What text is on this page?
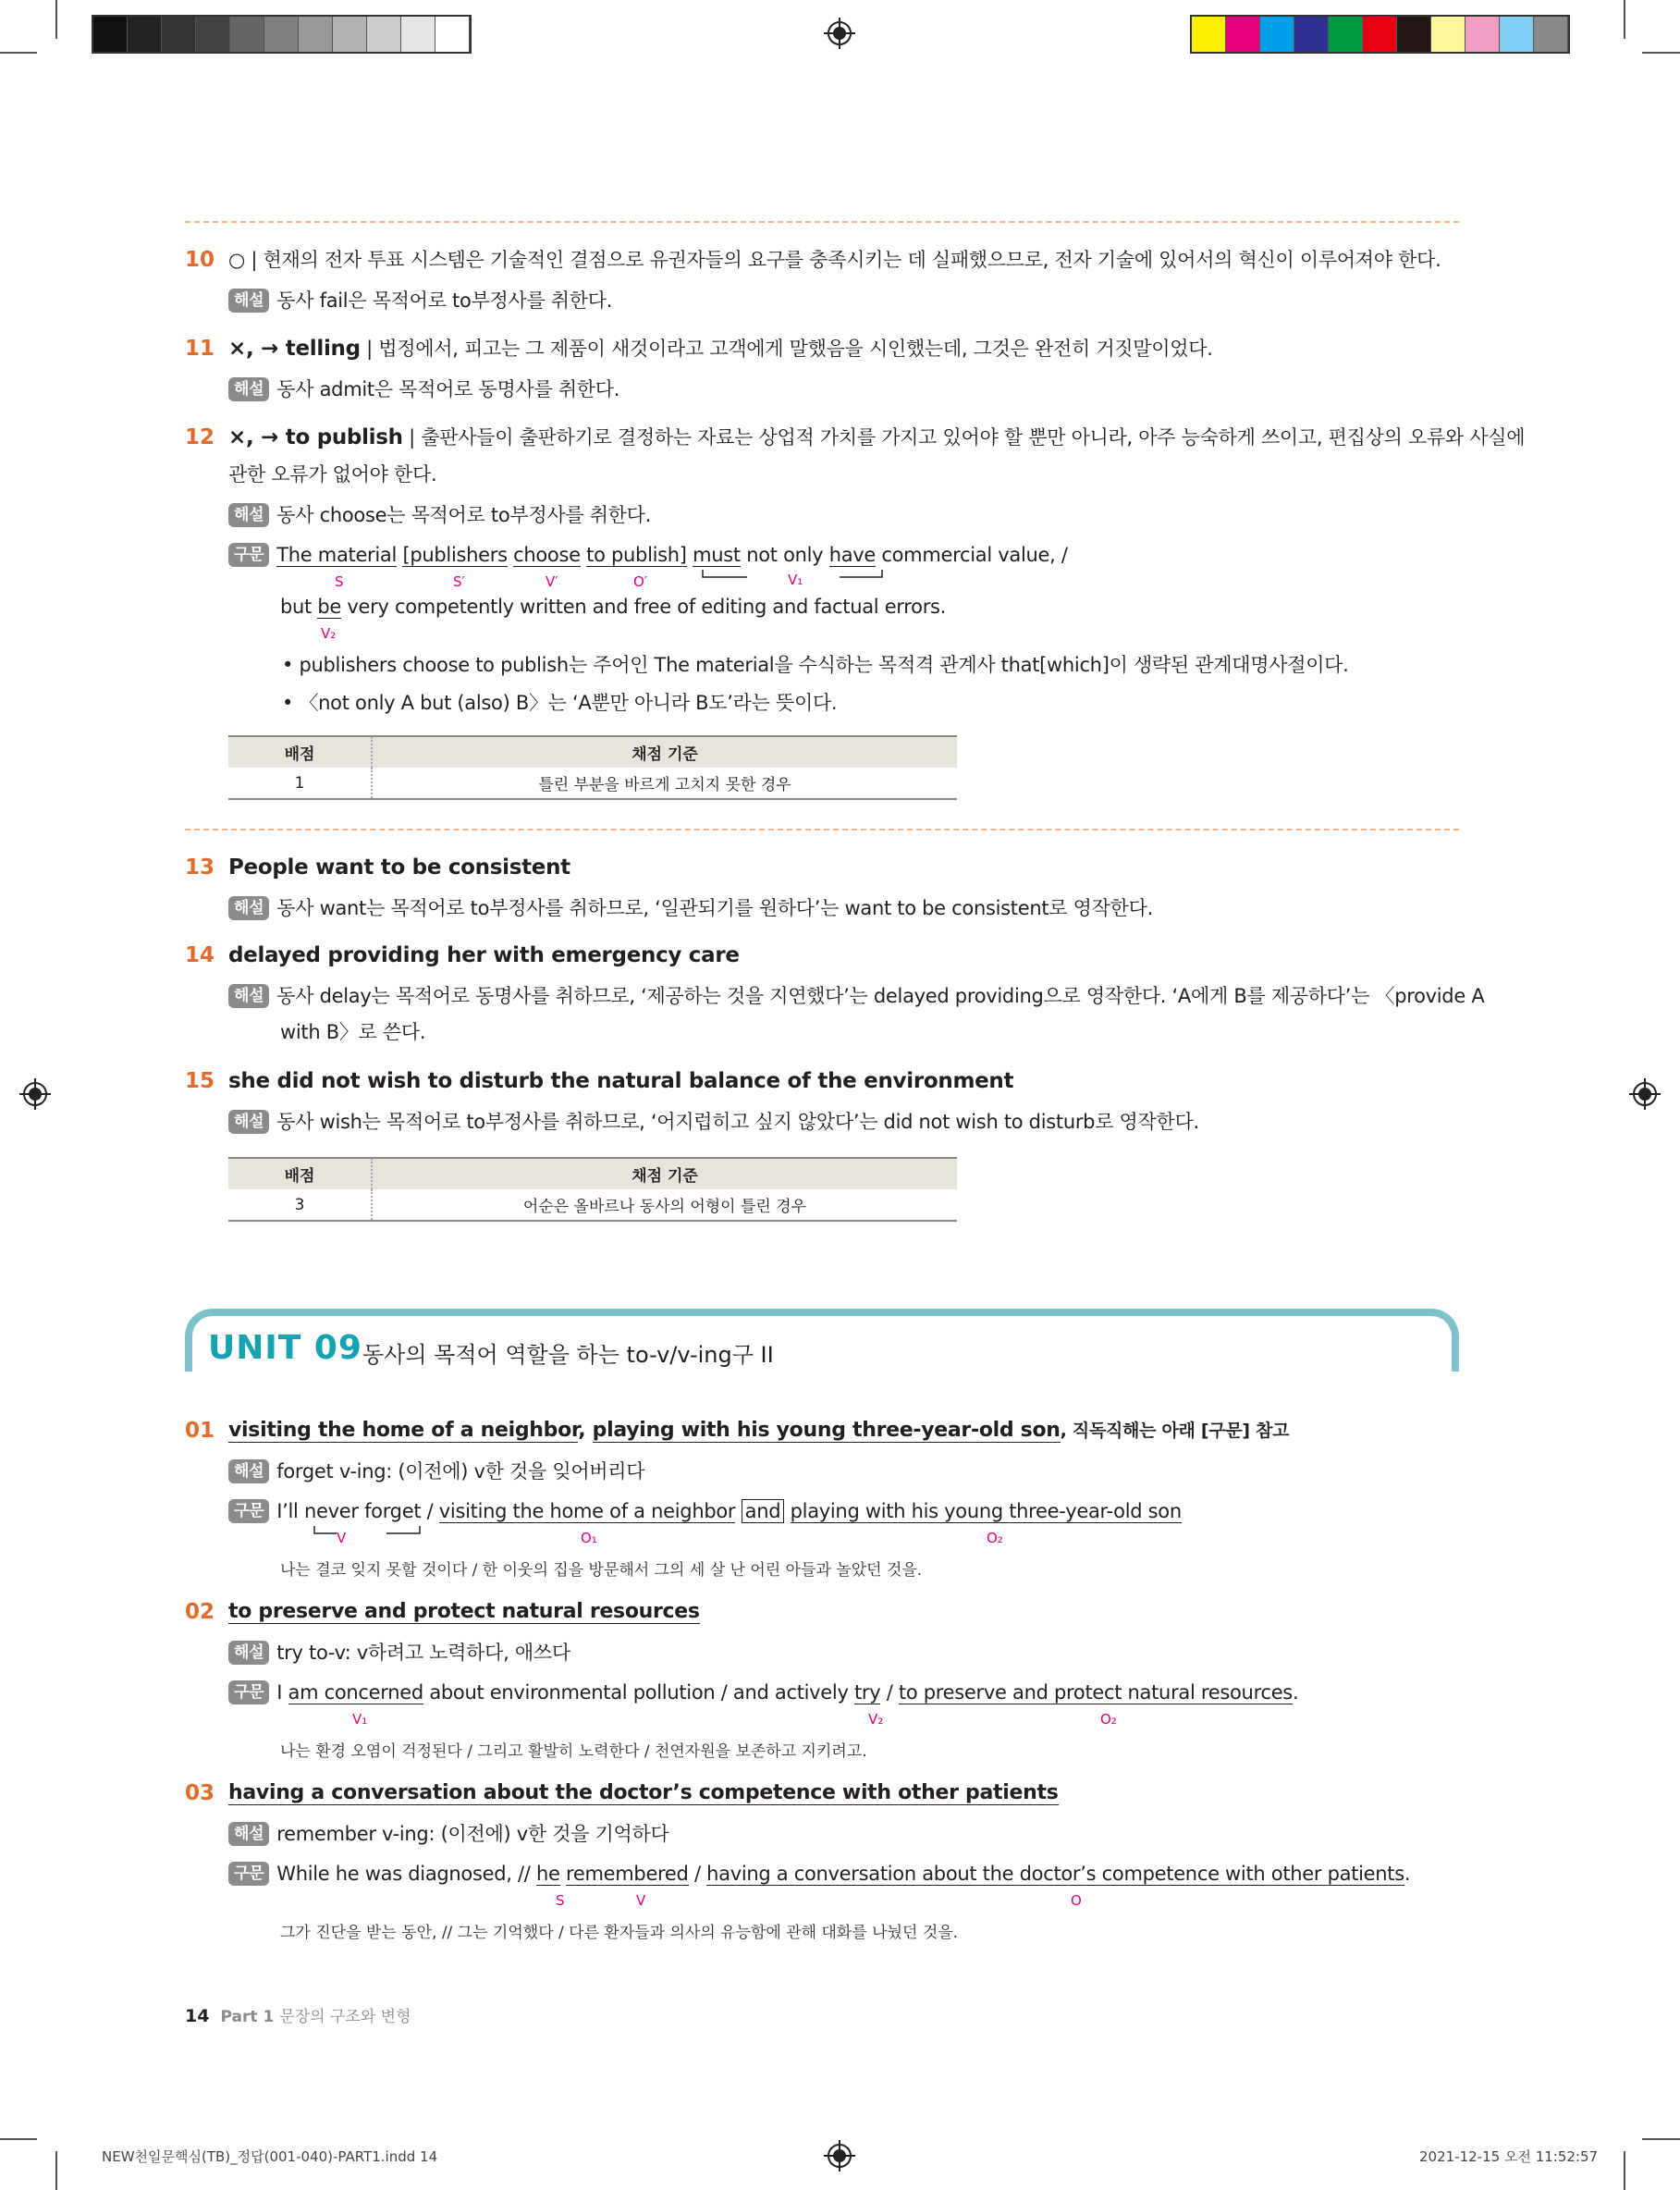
10 ○ | 현재의 전자 투표 시스템은 기술적인 결점으로 유권자들의 요구를 충족시키는 데 실패했으므로, 전자 기술에 있어서의 혁신이 이루어져야 한다.
해설 동사 fail은 목적어로 to부정사를 취한다.
11 ×, → telling | 법정에서, 피고는 그 제품이 새것이라고 고객에게 말했음을 시인했는데, 그것은 완전히 거짓말이었다.
해설 동사 admit은 목적어로 동명사를 취한다.
12 ×, → to publish | 출판사들이 출판하기로 결정하는 자료는 상업적 가치를 가지고 있어야 할 뿐만 아니라, 아주 능숙하게 쓰이고, 편집상의 오류와 사실에
관한 오류가 없어야 한다.
해설 동사 choose는 목적어로 to부정사를 취한다.
구문 The material [publishers choose to publish] must not only have commercial value, /
S	S′	V′	O′	V₁
but be very competently written and free of editing and factual errors.
V₂
• publishers choose to publish는 주어인 The material을 수식하는 목적격 관계사 that[which]이 생략된 관계대명사절이다.
• 〈not only A but (also) B〉는 ‘A뿐만 아니라 B도’라는 뜻이다.
배점	채점 기준
1	틀린 부분을 바르게 고치지 못한 경우
13 People want to be consistent
해설 동사 want는 목적어로 to부정사를 취하므로, ‘일관되기를 원하다’는 want to be consistent로 영작한다.
14 delayed providing her with emergency care
해설 동사 delay는 목적어로 동명사를 취하므로, ‘제공하는 것을 지연했다’는 delayed providing으로 영작한다. ‘A에게 B를 제공하다’는 〈provide A
with B〉로 쓴다.
15 she did not wish to disturb the natural balance of the environment
해설 동사 wish는 목적어로 to부정사를 취하므로, ‘어지럽히고 싶지 않았다’는 did not wish to disturb로 영작한다.
배점	채점 기준
3	어순은 올바르나 동사의 어형이 틀린 경우
UNIT 09 동사의 목적어 역할을 하는 to-v/v-ing구 II
01 visiting the home of a neighbor, playing with his young three-year-old son, 직독직해는 아래 [구문] 참고
해설 forget v-ing: (이전에) v한 것을 잊어버리다
구문 I’ll never forget / visiting the home of a neighbor and playing with his young three-year-old son
V	O₁	O₂
나는 결코 잊지 못할 것이다 / 한 이웃의 집을 방문해서 그의 세 살 난 어린 아들과 놀았던 것을.
02 to preserve and protect natural resources
해설 try to-v: v하려고 노력하다, 애쓰다
구문 I am concerned about environmental pollution / and actively try / to preserve and protect natural resources.
V₁	V₂	O₂
나는 환경 오염이 걱정된다 / 그리고 활발히 노력한다 / 천연자원을 보존하고 지키려고.
03 having a conversation about the doctor’s competence with other patients
해설 remember v-ing: (이전에) v한 것을 기억하다
구문 While he was diagnosed, // he remembered / having a conversation about the doctor’s competence with other patients.
S	V	O
그가 진단을 받는 동안, // 그는 기억했다 / 다른 환자들과 의사의 유능함에 관해 대화를 나눴던 것을.
14 Part 1 문장의 구조와 변형
NEW천일문핵심(TB)_정답(001-040)-PART1.indd 14	2021-12-15 오전 11:52:57
